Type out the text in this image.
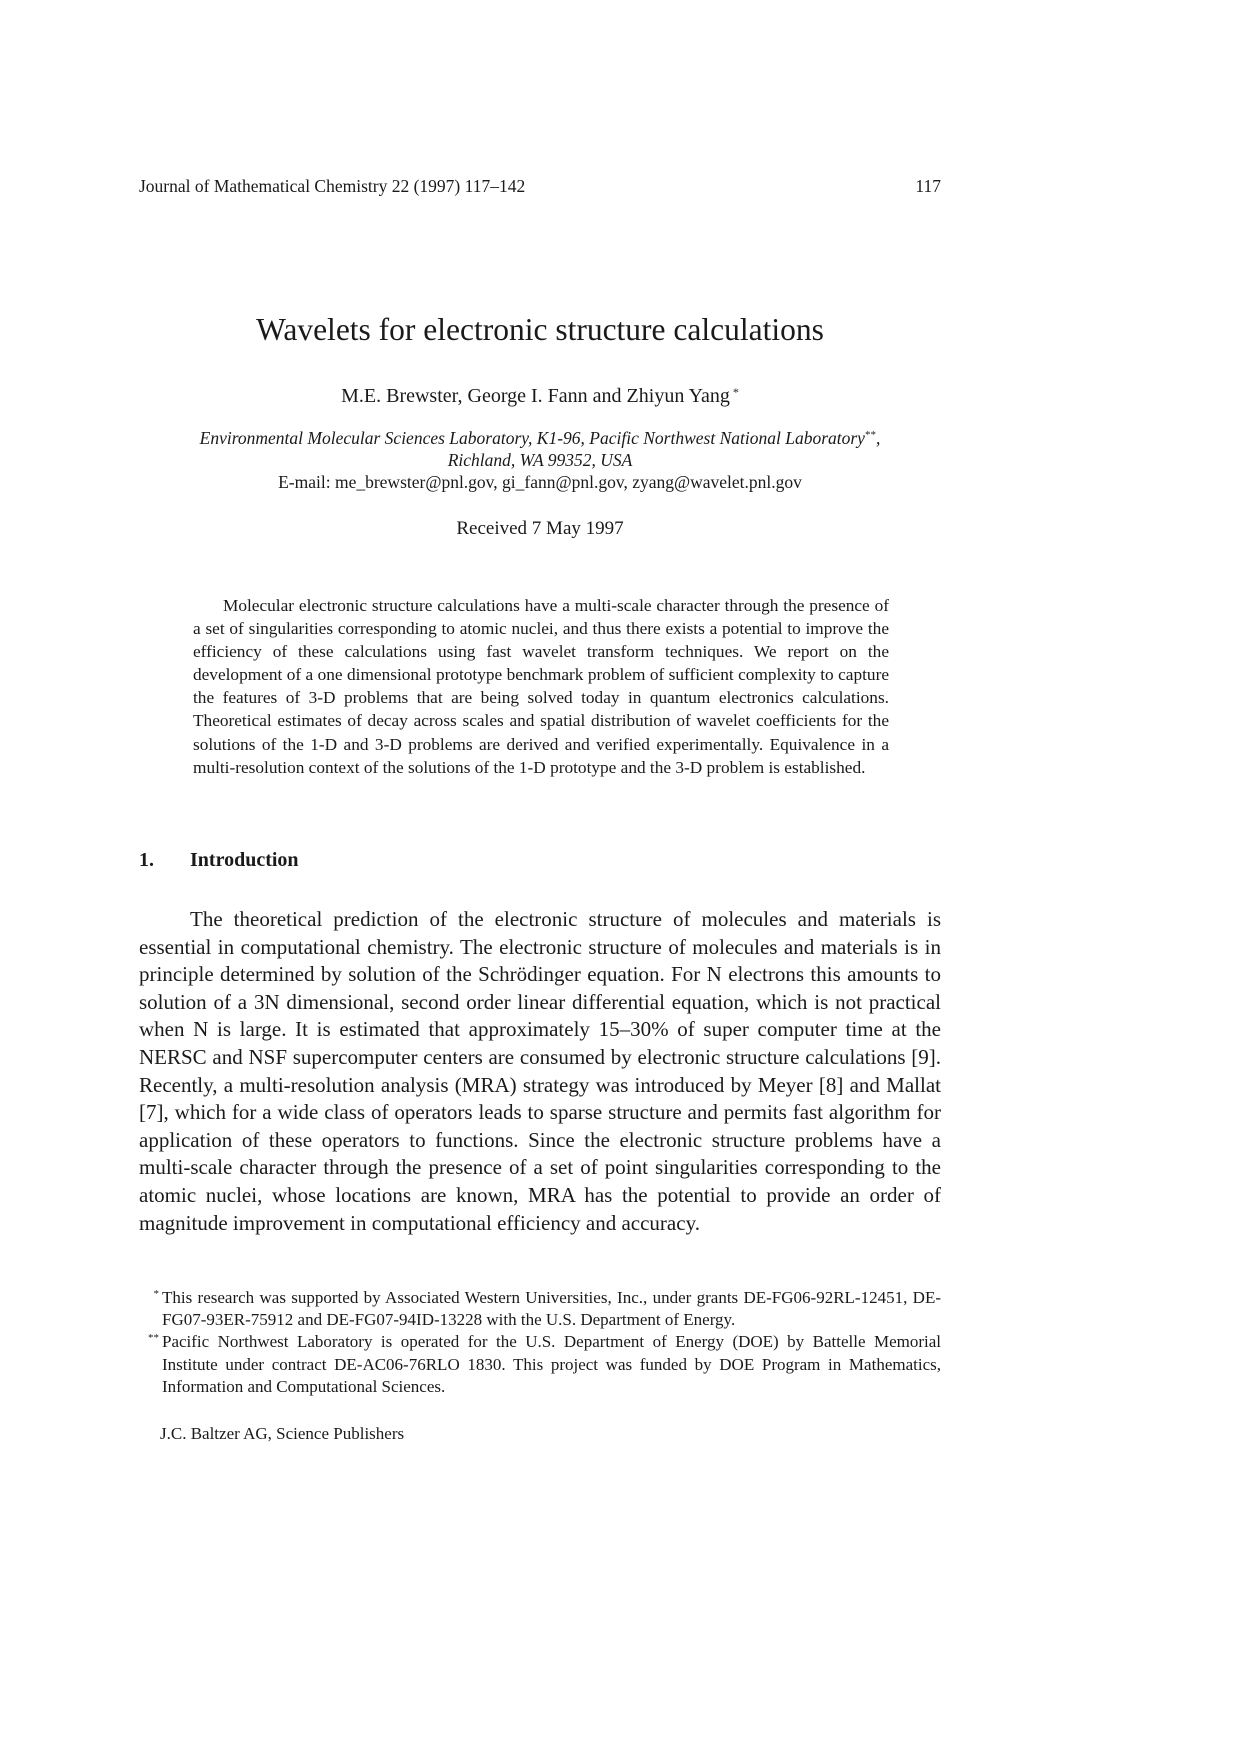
Journal of Mathematical Chemistry 22 (1997) 117–142	117
Wavelets for electronic structure calculations
M.E. Brewster, George I. Fann and Zhiyun Yang *
Environmental Molecular Sciences Laboratory, K1-96, Pacific Northwest National Laboratory**,
Richland, WA 99352, USA
E-mail: me_brewster@pnl.gov, gi_fann@pnl.gov, zyang@wavelet.pnl.gov
Received 7 May 1997
Molecular electronic structure calculations have a multi-scale character through the presence of a set of singularities corresponding to atomic nuclei, and thus there exists a potential to improve the efficiency of these calculations using fast wavelet transform techniques. We report on the development of a one dimensional prototype benchmark problem of sufficient complexity to capture the features of 3-D problems that are being solved today in quantum electronics calculations. Theoretical estimates of decay across scales and spatial distribution of wavelet coefficients for the solutions of the 1-D and 3-D problems are derived and verified experimentally. Equivalence in a multi-resolution context of the solutions of the 1-D prototype and the 3-D problem is established.
1. Introduction
The theoretical prediction of the electronic structure of molecules and materials is essential in computational chemistry. The electronic structure of molecules and materials is in principle determined by solution of the Schrödinger equation. For N electrons this amounts to solution of a 3N dimensional, second order linear differential equation, which is not practical when N is large. It is estimated that approximately 15–30% of super computer time at the NERSC and NSF supercomputer centers are consumed by electronic structure calculations [9]. Recently, a multi-resolution analysis (MRA) strategy was introduced by Meyer [8] and Mallat [7], which for a wide class of operators leads to sparse structure and permits fast algorithm for application of these operators to functions. Since the electronic structure problems have a multi-scale character through the presence of a set of point singularities corresponding to the atomic nuclei, whose locations are known, MRA has the potential to provide an order of magnitude improvement in computational efficiency and accuracy.
* This research was supported by Associated Western Universities, Inc., under grants DE-FG06-92RL-12451, DE-FG07-93ER-75912 and DE-FG07-94ID-13228 with the U.S. Department of Energy.
** Pacific Northwest Laboratory is operated for the U.S. Department of Energy (DOE) by Battelle Memorial Institute under contract DE-AC06-76RLO 1830. This project was funded by DOE Program in Mathematics, Information and Computational Sciences.
J.C. Baltzer AG, Science Publishers
